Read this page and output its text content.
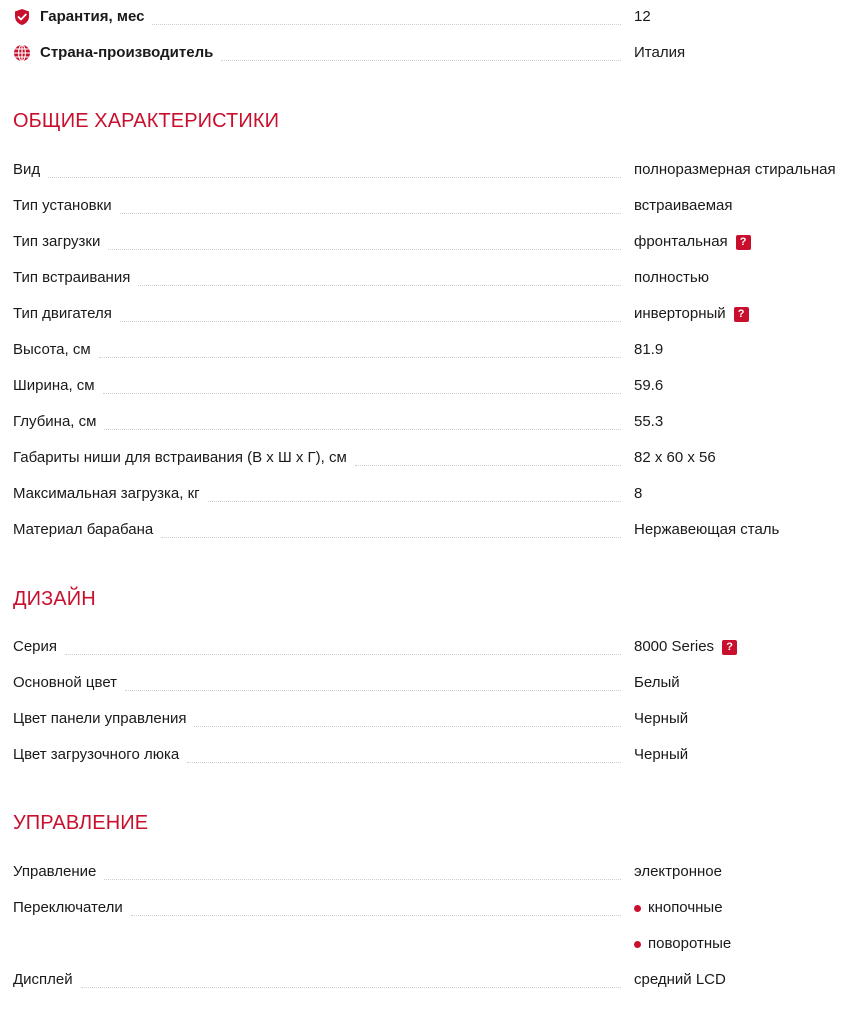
Гарантия, мес	12
Страна-производитель	Италия
ОБЩИЕ ХАРАКТЕРИСТИКИ
Вид	полноразмерная стиральная
Тип установки	встраиваемая
Тип загрузки	фронтальная	?
Тип встраивания	полностью
Тип двигателя	инверторный	?
Высота, см	81.9
Ширина, см	59.6
Глубина, см	55.3
Габариты ниши для встраивания (В х Ш х Г), см	82 x 60 x 56
Максимальная загрузка, кг	8
Материал барабана	Нержавеющая сталь
ДИЗАЙН
Серия	8000 Series	?
Основной цвет	Белый
Цвет панели управления	Черный
Цвет загрузочного люка	Черный
УПРАВЛЕНИЕ
Управление	электронное
Переключатели	кнопочные
поворотные
Дисплей	средний LCD
